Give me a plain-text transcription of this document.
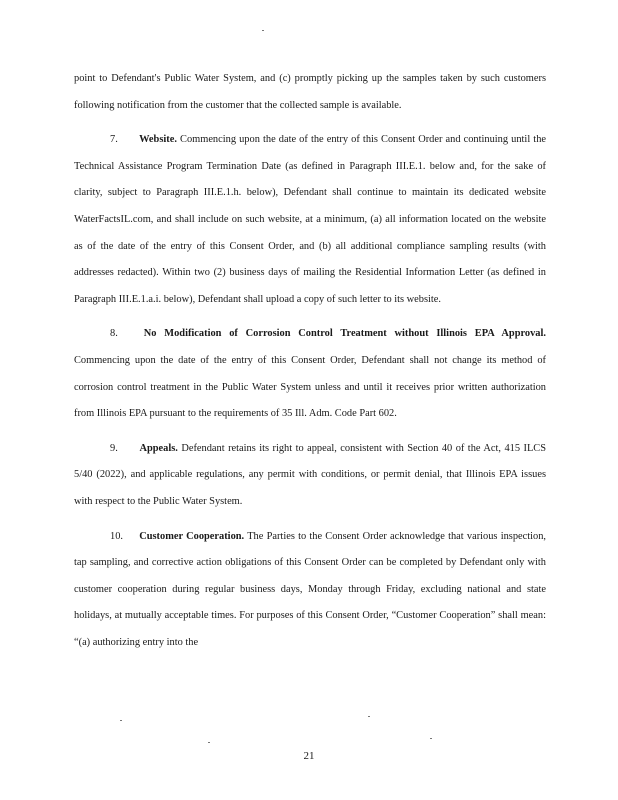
point to Defendant's Public Water System, and (c) promptly picking up the samples taken by such customers following notification from the customer that the collected sample is available.

7. Website. Commencing upon the date of the entry of this Consent Order and continuing until the Technical Assistance Program Termination Date (as defined in Paragraph III.E.1. below and, for the sake of clarity, subject to Paragraph III.E.1.h. below), Defendant shall continue to maintain its dedicated website WaterFactsIL.com, and shall include on such website, at a minimum, (a) all information located on the website as of the date of the entry of this Consent Order, and (b) all additional compliance sampling results (with addresses redacted). Within two (2) business days of mailing the Residential Information Letter (as defined in Paragraph III.E.1.a.i. below), Defendant shall upload a copy of such letter to its website.

8.	No Modification of Corrosion Control Treatment without Illinois EPA Approval. Commencing upon the date of the entry of this Consent Order, Defendant shall not change its method of corrosion control treatment in the Public Water System unless and until it receives prior written authorization from Illinois EPA pursuant to the requirements of 35 Ill. Adm. Code Part 602.

9. Appeals. Defendant retains its right to appeal, consistent with Section 40 of the Act, 415 ILCS 5/40 (2022), and applicable regulations, any permit with conditions, or permit denial, that Illinois EPA issues with respect to the Public Water System.

10. Customer Cooperation. The Parties to the Consent Order acknowledge that various inspection, tap sampling, and corrective action obligations of this Consent Order can be completed by Defendant only with customer cooperation during regular business days, Monday through Friday, excluding national and state holidays, at mutually acceptable times. For purposes of this Consent Order, “Customer Cooperation” shall mean: “(a) authorizing entry into the

21
